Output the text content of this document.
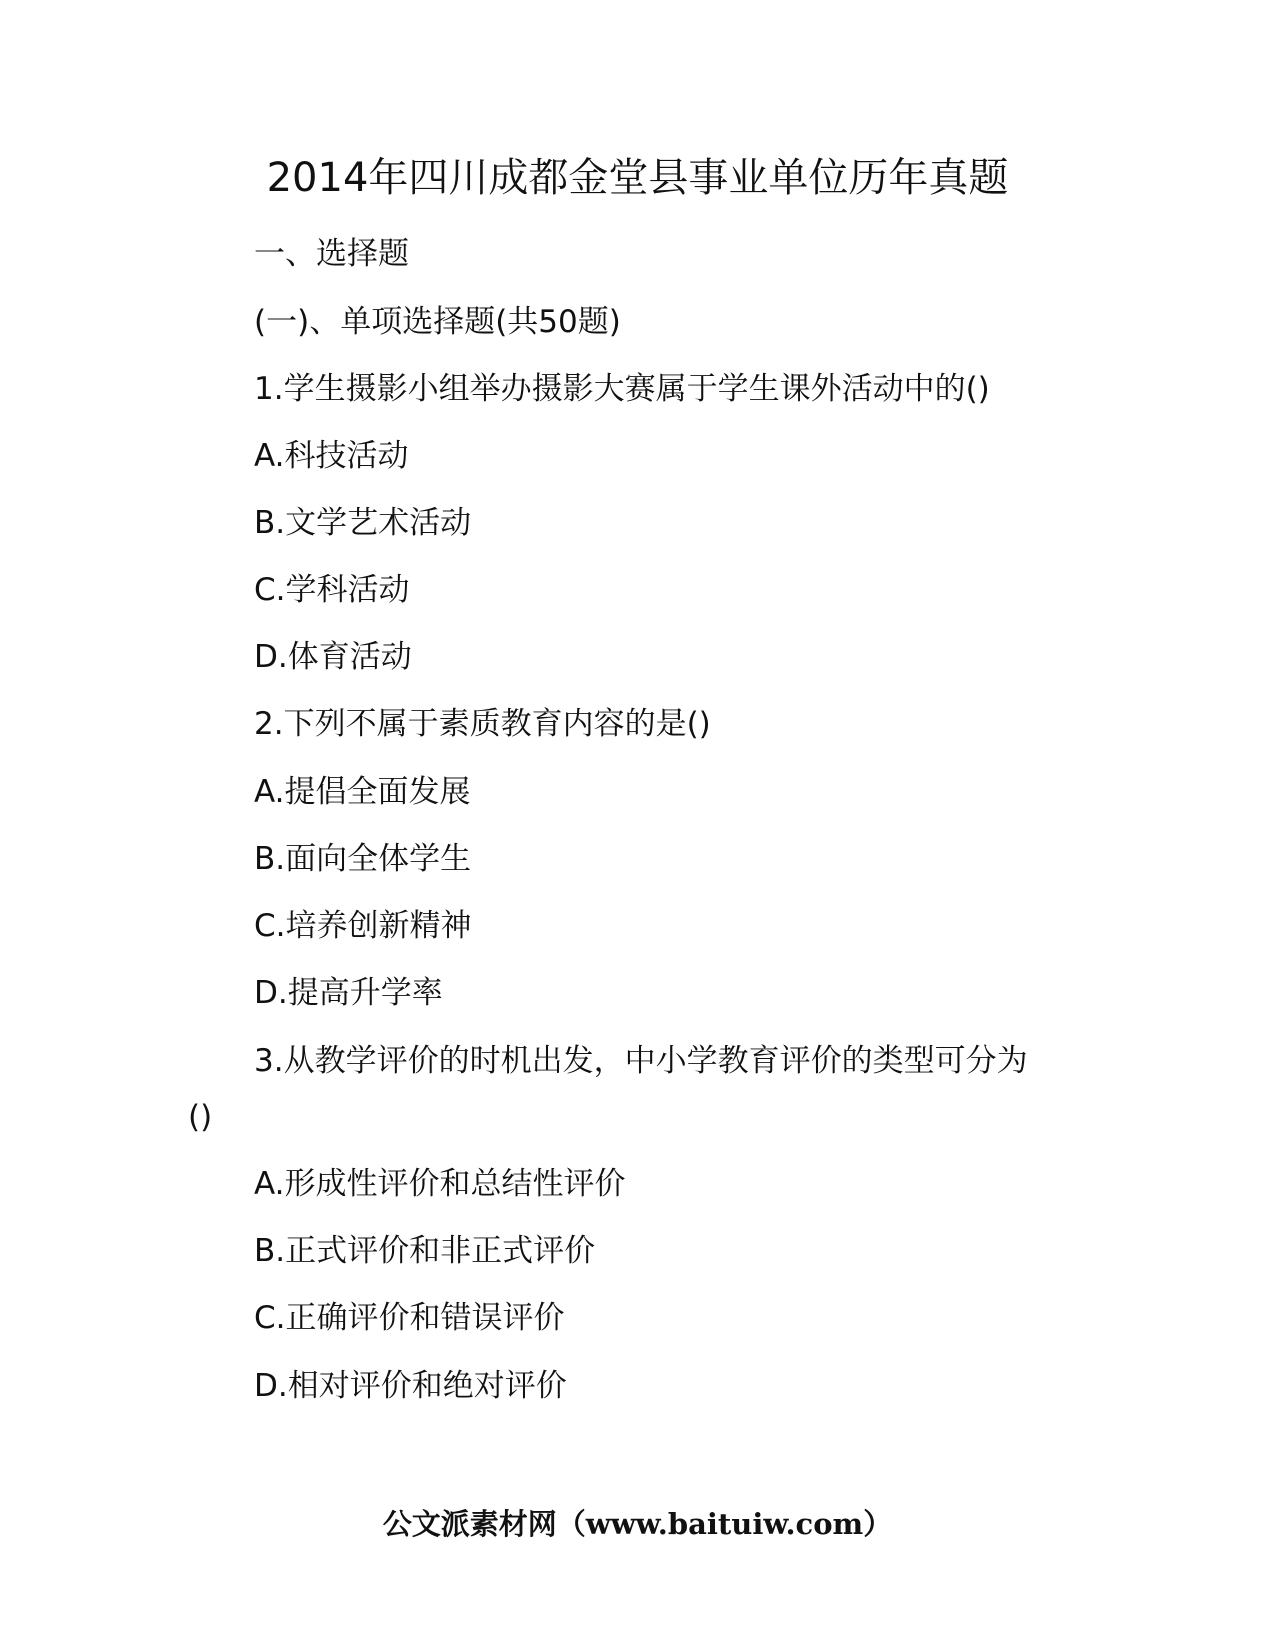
2014年四川成都金堂县事业单位历年真题
一、选择题
(一)、单项选择题(共50题)
1.学生摄影小组举办摄影大赛属于学生课外活动中的()
A.科技活动
B.文学艺术活动
C.学科活动
D.体育活动
2.下列不属于素质教育内容的是()
A.提倡全面发展
B.面向全体学生
C.培养创新精神
D.提高升学率
3.从教学评价的时机出发，中小学教育评价的类型可分为
()
A.形成性评价和总结性评价
B.正式评价和非正式评价
C.正确评价和错误评价
D.相对评价和绝对评价
公文派素材网（www.baituiw.com）
